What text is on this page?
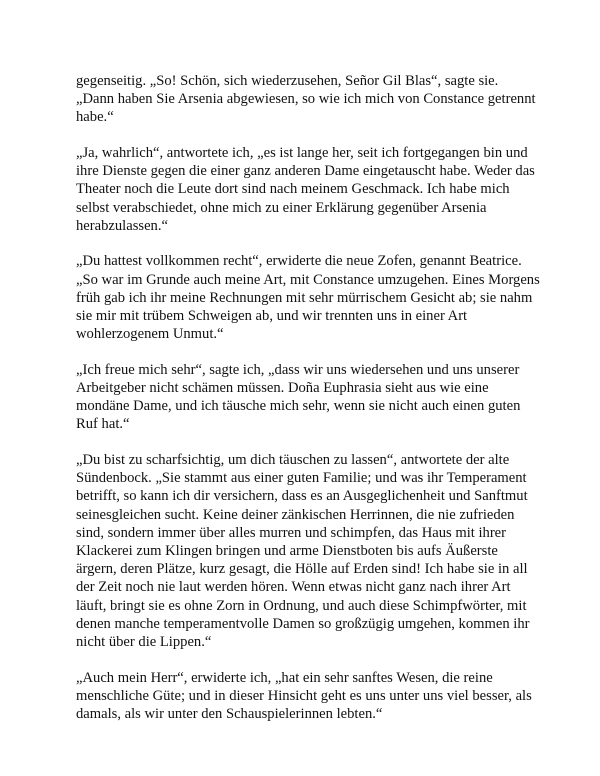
gegenseitig. „So! Schön, sich wiederzusehen, Señor Gil Blas“, sagte sie. „Dann haben Sie Arsenia abgewiesen, so wie ich mich von Constance getrennt habe.“

„Ja, wahrlich“, antwortete ich, „es ist lange her, seit ich fortgegangen bin und ihre Dienste gegen die einer ganz anderen Dame eingetauscht habe. Weder das Theater noch die Leute dort sind nach meinem Geschmack. Ich habe mich selbst verabschiedet, ohne mich zu einer Erklärung gegenüber Arsenia herabzulassen.“

„Du hattest vollkommen recht“, erwiderte die neue Zofen, genannt Beatrice. „So war im Grunde auch meine Art, mit Constance umzugehen. Eines Morgens früh gab ich ihr meine Rechnungen mit sehr mürrischem Gesicht ab; sie nahm sie mir mit trübem Schweigen ab, und wir trennten uns in einer Art wohlerzogenem Unmut.“

„Ich freue mich sehr“, sagte ich, „dass wir uns wiedersehen und uns unserer Arbeitgeber nicht schämen müssen. Doña Euphrasia sieht aus wie eine mondäne Dame, und ich täusche mich sehr, wenn sie nicht auch einen guten Ruf hat.“

„Du bist zu scharfsichtig, um dich täuschen zu lassen“, antwortete der alte Sündenbock. „Sie stammt aus einer guten Familie; und was ihr Temperament betrifft, so kann ich dir versichern, dass es an Ausgeglichenheit und Sanftmut seinesgleichen sucht. Keine deiner zänkischen Herrinnen, die nie zufrieden sind, sondern immer über alles murren und schimpfen, das Haus mit ihrer Klackerei zum Klingen bringen und arme Dienstboten bis aufs Äußerste ärgern, deren Plätze, kurz gesagt, die Hölle auf Erden sind! Ich habe sie in all der Zeit noch nie laut werden hören. Wenn etwas nicht ganz nach ihrer Art läuft, bringt sie es ohne Zorn in Ordnung, und auch diese Schimpfwörter, mit denen manche temperamentvolle Damen so großzügig umgehen, kommen ihr nicht über die Lippen.“

„Auch mein Herr“, erwiderte ich, „hat ein sehr sanftes Wesen, die reine menschliche Güte; und in dieser Hinsicht geht es uns unter uns viel besser, als damals, als wir unter den Schauspielerinnen lebten.“
